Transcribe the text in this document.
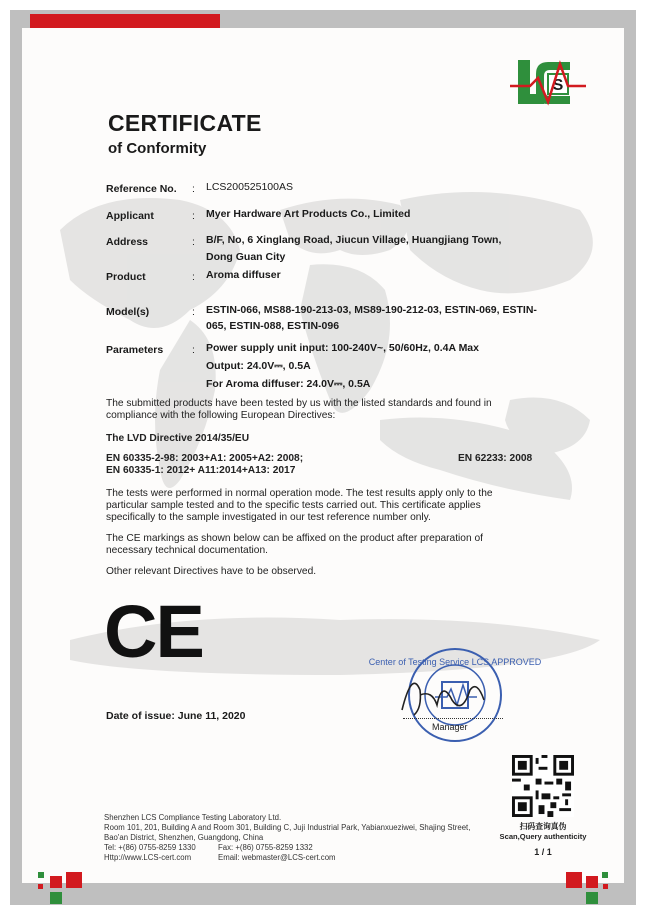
S
CERTIFICATE
of Conformity
Reference No. : LCS200525100AS
Applicant	: Myer Hardware Art Products Co., Limited
Address	: B/F, No, 6 Xinglang Road, Jiucun Village, Huangjiang Town,
Dong Guan City
Product	: Aroma diffuser
Model(s)	: ESTIN-066, MS88-190-213-03, MS89-190-212-03, ESTIN-069, ESTIN-
065, ESTIN-088, ESTIN-096
Parameters	: Power supply unit input: 100-240V~, 50/60Hz, 0.4A Max
Output: 24.0V⎓, 0.5A
For Aroma diffuser: 24.0V⎓, 0.5A
The submitted products have been tested by us with the listed standards and found in compliance with the following European Directives:
The LVD Directive 2014/35/EU
EN 60335-2-98: 2003+A1: 2005+A2: 2008;
EN 60335-1: 2012+ A11:2014+A13: 2017
EN 62233: 2008
The tests were performed in normal operation mode. The test results apply only to the particular sample tested and to the specific tests carried out. This certificate applies specifically to the sample investigated in our test reference number only.
The CE markings as shown below can be affixed on the product after preparation of necessary technical documentation.
Other relevant Directives have to be observed.
CE
Date of issue: June 11, 2020
Center of Testing Service LCS APPROVED
Manager
扫码查询真伪
Scan,Query authenticity
1 / 1
Shenzhen LCS Compliance Testing Laboratory Ltd.
Room 101, 201, Building A and Room 301, Building C, Juji Industrial Park, Yabianxueziwei, Shajing Street,
Bao'an District, Shenzhen, Guangdong, China
Tel: +(86) 0755-8259 1330	Fax: +(86) 0755-8259 1332
Http://www.LCS-cert.com	Email: webmaster@LCS-cert.com
